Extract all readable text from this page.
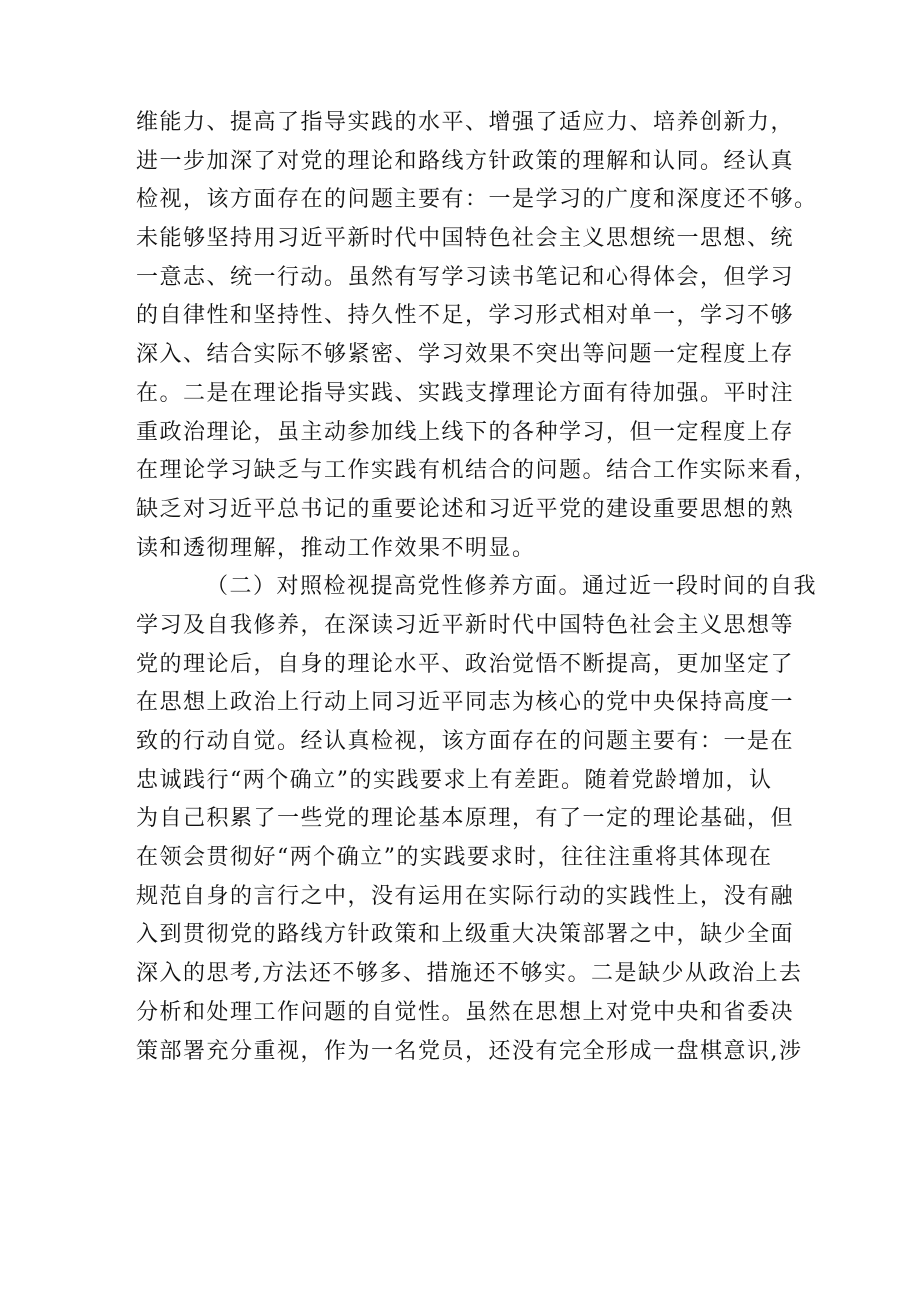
维能力、提高了指导实践的水平、增强了适应力、培养创新力，
进一步加深了对党的理论和路线方针政策的理解和认同。经认真
检视，该方面存在的问题主要有：一是学习的广度和深度还不够。
未能够坚持用习近平新时代中国特色社会主义思想统一思想、统
一意志、统一行动。虽然有写学习读书笔记和心得体会，但学习
的自律性和坚持性、持久性不足，学习形式相对单一，学习不够
深入、结合实际不够紧密、学习效果不突出等问题一定程度上存
在。二是在理论指导实践、实践支撑理论方面有待加强。平时注
重政治理论，虽主动参加线上线下的各种学习，但一定程度上存
在理论学习缺乏与工作实践有机结合的问题。结合工作实际来看，
缺乏对习近平总书记的重要论述和习近平党的建设重要思想的熟
读和透彻理解，推动工作效果不明显。
（二）对照检视提高党性修养方面。通过近一段时间的自我
学习及自我修养，在深读习近平新时代中国特色社会主义思想等
党的理论后，自身的理论水平、政治觉悟不断提高，更加坚定了
在思想上政治上行动上同习近平同志为核心的党中央保持高度一
致的行动自觉。经认真检视，该方面存在的问题主要有：一是在
忠诚践行“两个确立”的实践要求上有差距。随着党龄增加，认
为自己积累了一些党的理论基本原理，有了一定的理论基础，但
在领会贯彻好“两个确立”的实践要求时，往往注重将其体现在
规范自身的言行之中，没有运用在实际行动的实践性上，没有融
入到贯彻党的路线方针政策和上级重大决策部署之中，缺少全面
深入的思考,方法还不够多、措施还不够实。二是缺少从政治上去
分析和处理工作问题的自觉性。虽然在思想上对党中央和省委决
策部署充分重视，作为一名党员，还没有完全形成一盘棋意识,涉
